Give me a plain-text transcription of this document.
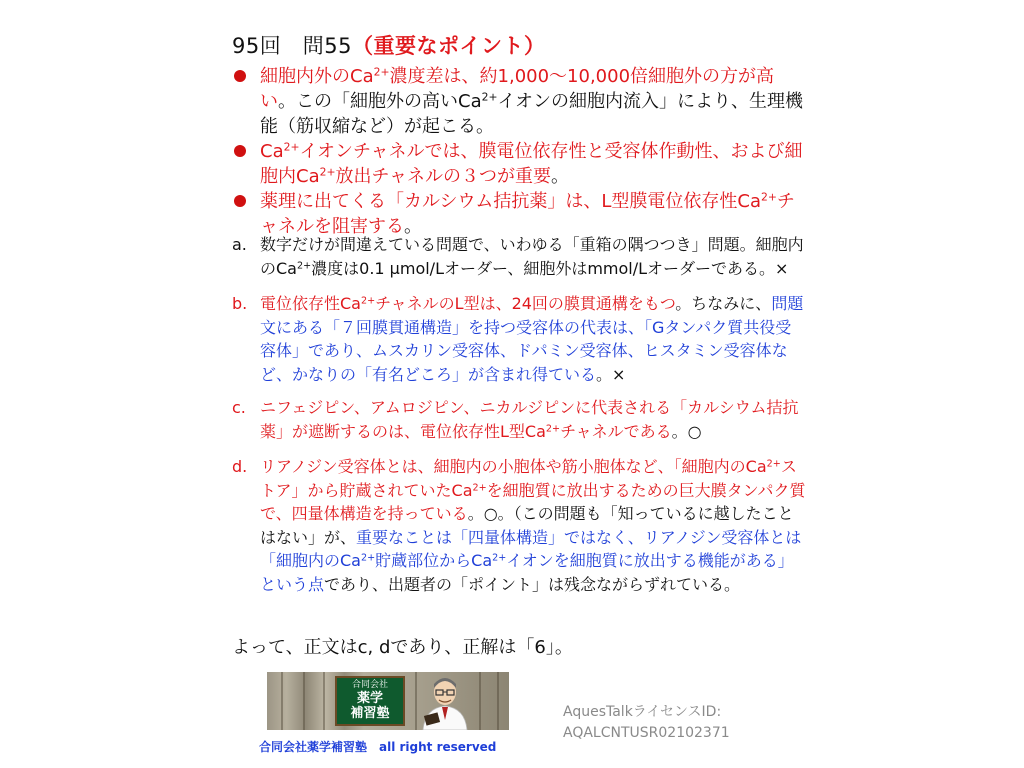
95回　問55（重要なポイント）
細胞内外の$Ca^{2+}$濃度差は、約1,000～10,000倍細胞外の方が高い。この「細胞外の高い$Ca^{2+}$イオンの細胞内流入」により、生理機能（筋収縮など）が起こる。
$Ca^{2+}$イオンチャネルでは、膜電位依存性と受容体作動性、および細胞内$Ca^{2+}$放出チャネルの３つが重要。
薬理に出てくる「カルシウム拮抗薬」は、L型膜電位依存性$Ca^{2+}$チャネルを阻害する。
a. 数字だけが間違えている問題で、いわゆる「重箱の隅つつき」問題。細胞内の$Ca^{2+}$濃度は0.1 μmol/Lオーダー、細胞外はmmol/Lオーダーである。×
b. 電位依存性$Ca^{2+}$チャネルのL型は、24回の膜貫通構をもつ。ちなみに、問題文にある「７回膜貫通構造」を持つ受容体の代表は、「Gタンパク質共役受容体」であり、ムスカリン受容体、ドパミン受容体、ヒスタミン受容体など、かなりの「有名どころ」が含まれ得ている。×
c. ニフェジピン、アムロジピン、ニカルジピンに代表される「カルシウム拮抗薬」が遮断するのは、電位依存性L型$Ca^{2+}$チャネルである。○
d. リアノジン受容体とは、細胞内の小胞体や筋小胞体など、「細胞内の$Ca^{2+}$ストア」から貯蔵されていた$Ca^{2+}$を細胞質に放出するための巨大膜タンパク質で、四量体構造を持っている。○。（この問題も「知っているに越したことはない」が、重要なことは「四量体構造」ではなく、リアノジン受容体とは「細胞内の$Ca^{2+}$貯蔵部位から$Ca^{2+}$イオンを細胞質に放出する機能がある」という点であり、出題者の「ポイント」は残念ながらずれている。
よって、正文はc, dであり、正解は「6」。
合同会社
薬学
補習塾
合同会社薬学補習塾　all right reserved
AquesTalkライセンスID:
AQALCNTUSR02102371
